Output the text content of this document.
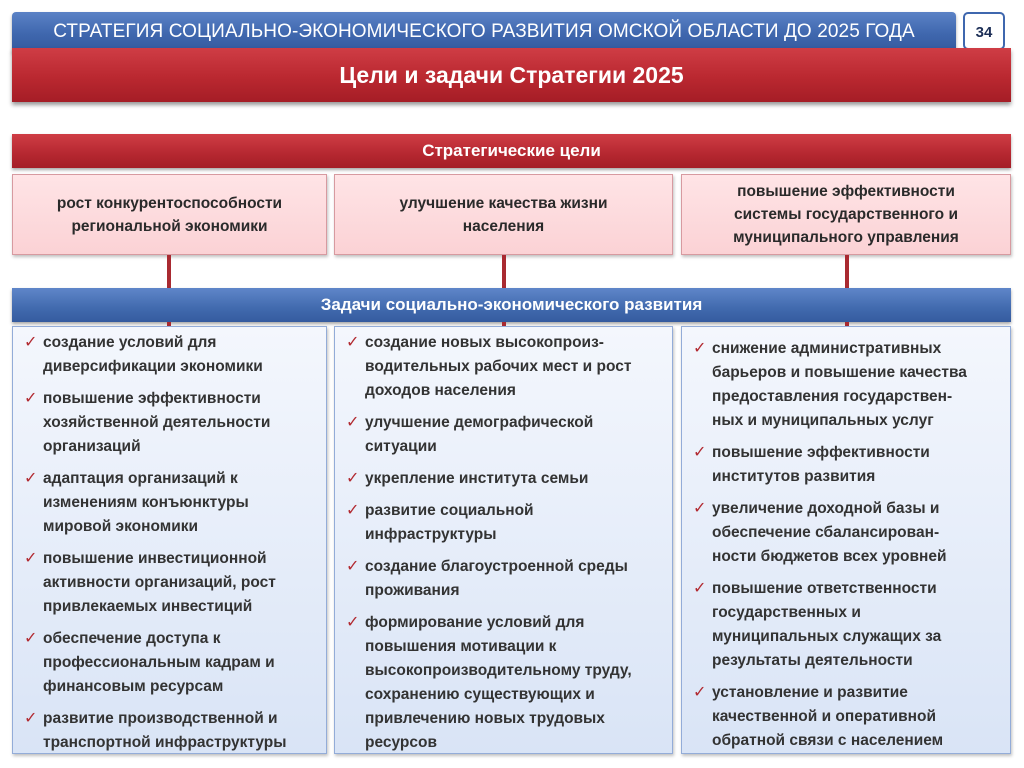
СТРАТЕГИЯ СОЦИАЛЬНО-ЭКОНОМИЧЕСКОГО РАЗВИТИЯ ОМСКОЙ ОБЛАСТИ ДО 2025 ГОДА	34
Цели и задачи Стратегии 2025
Стратегические цели
рост конкурентоспособности
региональной экономики
улучшение качества жизни
населения
повышение эффективности
системы государственного и
муниципального управления
Задачи социально-экономического развития
✓ создание условий для
диверсификации экономики
✓ повышение эффективности
хозяйственной деятельности
организаций
✓ адаптация организаций к
изменениям конъюнктуры
мировой экономики
✓ повышение инвестиционной
активности организаций, рост
привлекаемых инвестиций
✓ обеспечение доступа к
профессиональным кадрам и
финансовым ресурсам
✓ развитие производственной и
транспортной инфраструктуры
✓ создание новых высокопроиз-
водительных рабочих мест и рост
доходов населения
✓ улучшение демографической
ситуации
✓ укрепление института семьи
✓ развитие социальной
инфраструктуры
✓ создание благоустроенной среды
проживания
✓ формирование условий для
повышения мотивации к
высокопроизводительному труду,
сохранению существующих и
привлечению новых трудовых
ресурсов
✓ снижение административных
барьеров и повышение качества
предоставления государствен-
ных и муниципальных услуг
✓ повышение эффективности
институтов развития
✓ увеличение доходной базы и
обеспечение сбалансирован-
ности бюджетов всех уровней
✓ повышение ответственности
государственных и
муниципальных служащих за
результаты деятельности
✓ установление и развитие
качественной и оперативной
обратной связи с населением
